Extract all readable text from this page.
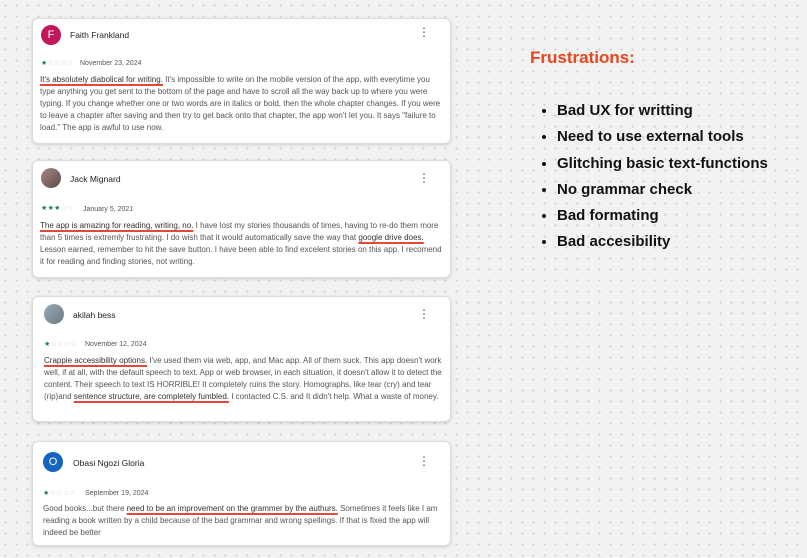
F Faith Frankland	⋮
★☆☆☆☆ November 23, 2024

It's absolutely diabolical for writing. It's impossible to write on the mobile version of the app, with everytime you type anything you get sent to the bottom of the page and have to scroll all the way back up to where you were typing. If you change whether one or two words are in italics or bold, then the whole chapter changes. If you were to leave a chapter after saving and then try to get back onto that chapter, the app won't let you. It says "failure to load." The app is awful to use now.

Jack Mignard	⋮
★★★☆☆ January 5, 2021

The app is amazing for reading, writing, no. I have lost my stories thousands of times, having to re-do them more than 5 times is extremly frustrating. I do wish that it would automatically save the way that google drive does. Lesson earned, remember to hit the save button. I have been able to find excelent stories on this app. I recomend it for reading and finding stories, not writing.

akilah bess	⋮
★☆☆☆☆ November 12, 2024

Crappie accessibility options. I've used them via web, app, and Mac app. All of them suck. This app doesn't work well, if at all, with the default speech to text. App or web browser, in each situation, it doesn't allow it to detect the content. Their speech to text IS HORRIBLE! It completely ruins the story. Homographs, like tear (cry) and tear (rip)and sentence structure, are completely fumbled. I contacted C.S. and It didn't help. What a waste of money.

O Obasi Ngozi Gloria	⋮
★☆☆☆☆ September 19, 2024

Good books...but there need to be an improvement on the grammer by the authurs. Sometimes it feels like I am reading a book written by a child because of the bad grammar and wrong spellings. If that is fixed the app will indeed be better

Frustrations:
• Bad UX for writting
• Need to use external tools
• Glitching basic text-functions
• No grammar check
• Bad formating
• Bad accesibility
